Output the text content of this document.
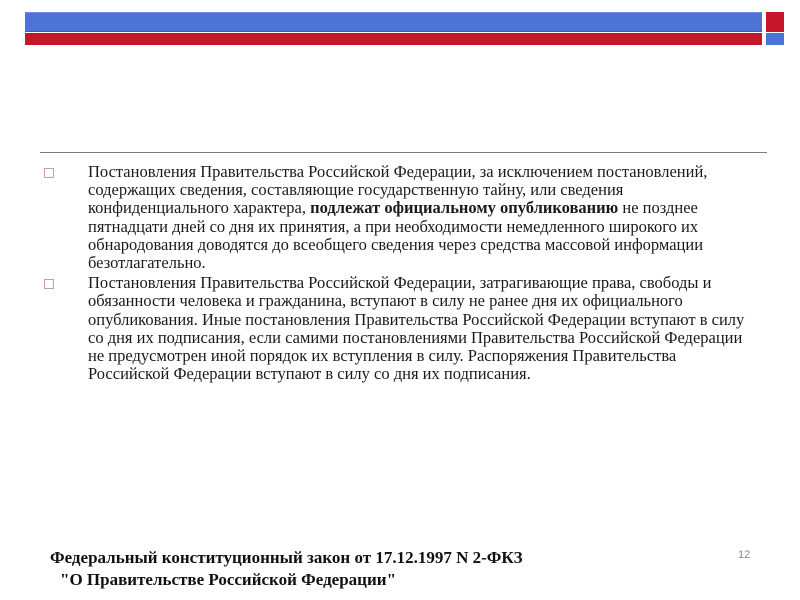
Постановления Правительства Российской Федерации, за исключением постановлений, содержащих сведения, составляющие государственную тайну, или сведения конфиденциального характера, подлежат официальному опубликованию не позднее пятнадцати дней со дня их принятия, а при необходимости немедленного широкого их обнародования доводятся до всеобщего сведения через средства массовой информации безотлагательно.
Постановления Правительства Российской Федерации, затрагивающие права, свободы и обязанности человека и гражданина, вступают в силу не ранее дня их официального опубликования. Иные постановления Правительства Российской Федерации вступают в силу со дня их подписания, если самими постановлениями Правительства Российской Федерации не предусмотрен иной порядок их вступления в силу. Распоряжения Правительства Российской Федерации вступают в силу со дня их подписания.
Федеральный конституционный закон от 17.12.1997 N 2-ФКЗ
"О Правительстве Российской Федерации"
12
